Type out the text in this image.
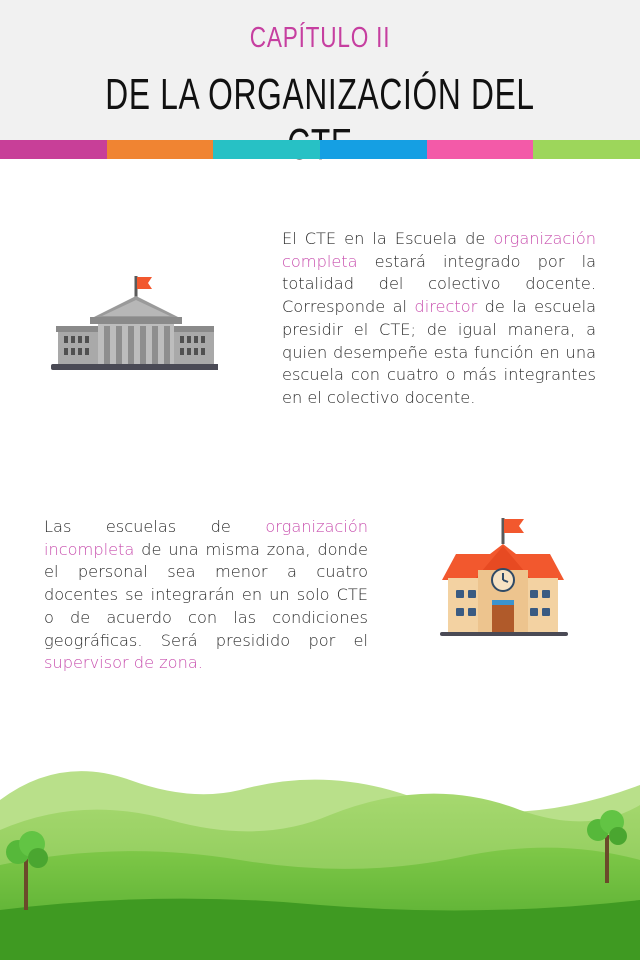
CAPÍTULO II
DE LA ORGANIZACIÓN DEL
El CTE en la Escuela de organización completa estará integrado por la totalidad del colectivo docente. Corresponde al director de la escuela presidir el CTE; de igual manera, a quien desempeñe esta función en una escuela con cuatro o más integrantes en el colectivo docente.
Las escuelas de organización incompleta de una misma zona, donde el personal sea menor a cuatro docentes se integrarán en un solo CTE o de acuerdo con las condiciones geográficas. Será presidido por el supervisor de zona.
